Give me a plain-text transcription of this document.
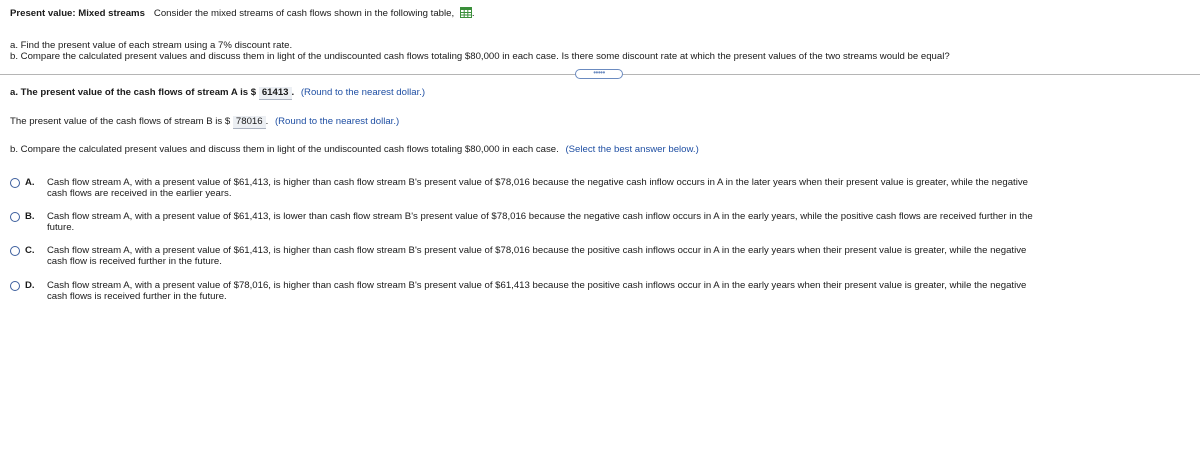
Present value: Mixed streams Consider the mixed streams of cash flows shown in the following table, .
a. Find the present value of each stream using a 7% discount rate.
b. Compare the calculated present values and discuss them in light of the undiscounted cash flows totaling $80,000 in each case. Is there some discount rate at which the present values of the two streams would be equal?
•••••
a. The present value of the cash flows of stream A is $ 61413 . (Round to the nearest dollar.)
The present value of the cash flows of stream B is $ 78016 . (Round to the nearest dollar.)
b. Compare the calculated present values and discuss them in light of the undiscounted cash flows totaling $80,000 in each case. (Select the best answer below.)
A. Cash flow stream A, with a present value of $61,413, is higher than cash flow stream B's present value of $78,016 because the negative cash inflow occurs in A in the later years when their present value is greater, while the negative
cash flows are received in the earlier years.
B. Cash flow stream A, with a present value of $61,413, is lower than cash flow stream B's present value of $78,016 because the negative cash inflow occurs in A in the early years, while the positive cash flows are received further in the
future.
C. Cash flow stream A, with a present value of $61,413, is higher than cash flow stream B's present value of $78,016 because the positive cash inflows occur in A in the early years when their present value is greater, while the negative
cash flow is received further in the future.
D. Cash flow stream A, with a present value of $78,016, is higher than cash flow stream B's present value of $61,413 because the positive cash inflows occur in A in the early years when their present value is greater, while the negative
cash flows is received further in the future.
